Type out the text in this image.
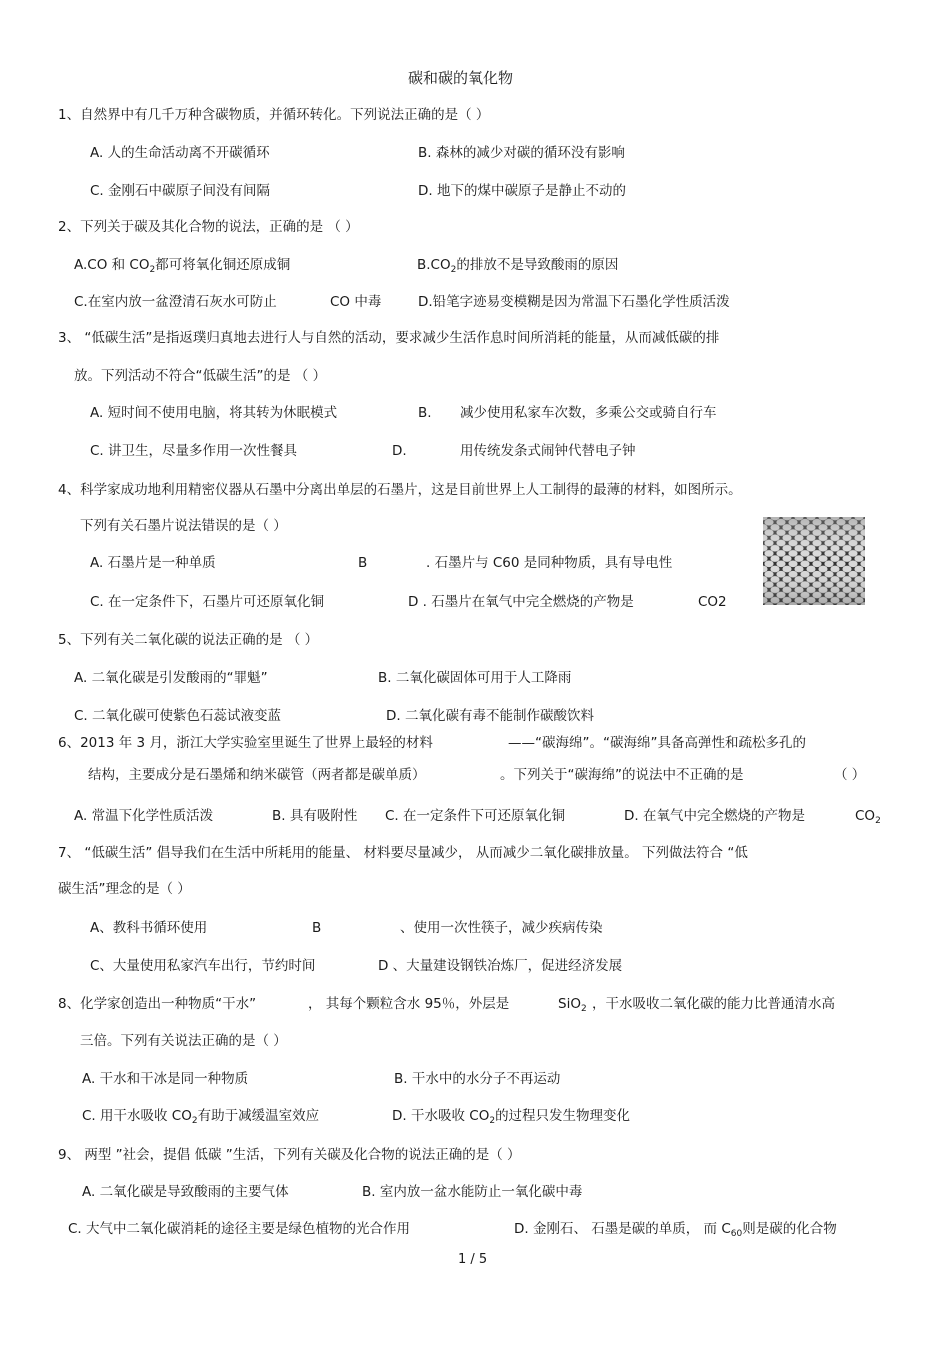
碳和碳的氧化物
1、自然界中有几千万种含碳物质，并循环转化。下列说法正确的是（ ）
A. 人的生命活动离不开碳循环	B. 森林的减少对碳的循环没有影响
C. 金刚石中碳原子间没有间隔	D. 地下的煤中碳原子是静止不动的
2、下列关于碳及其化合物的说法，正确的是 （ ）
A.CO 和 $CO_2$都可将氧化铜还原成铜	$B.CO_2$的排放不是导致酸雨的原因
C.在室内放一盆澄清石灰水可防止	CO 中毒	D.铅笔字迹易变模糊是因为常温下石墨化学性质活泼
3、 “低碳生活”是指返璞归真地去进行人与自然的活动，要求减少生活作息时间所消耗的能量，从而减低碳的排
放。下列活动不符合“低碳生活”的是 （ ）
A. 短时间不使用电脑，将其转为休眠模式	B. 减少使用私家车次数，多乘公交或骑自行车
C. 讲卫生，尽量多作用一次性餐具	D.	用传统发条式闹钟代替电子钟
4、科学家成功地利用精密仪器从石墨中分离出单层的石墨片，这是目前世界上人工制得的最薄的材料，如图所示。
下列有关石墨片说法错误的是（ ）
A. 石墨片是一种单质	B	. 石墨片与 C60 是同种物质，具有导电性
C. 在一定条件下，石墨片可还原氧化铜	D . 石墨片在氧气中完全燃烧的产物是	CO2
5、下列有关二氧化碳的说法正确的是 （ ）
A. 二氧化碳是引发酸雨的“罪魁”	B. 二氧化碳固体可用于人工降雨
C. 二氧化碳可使紫色石蕊试液变蓝	D. 二氧化碳有毒不能制作碳酸饮料
6、2013 年 3 月，浙江大学实验室里诞生了世界上最轻的材料	——“碳海绵”。“碳海绵”具备高弹性和疏松多孔的
结构，主要成分是石墨烯和纳米碳管（两者都是碳单质）	。下列关于“碳海绵”的说法中不正确的是	（ ）
A. 常温下化学性质活泼	B. 具有吸附性 C. 在一定条件下可还原氧化铜	D. 在氧气中完全燃烧的产物是	$CO_2$
7、 “低碳生活” 倡导我们在生活中所耗用的能量、 材料要尽量减少， 从而减少二氧化碳排放量。 下列做法符合 “低
碳生活”理念的是（ ）
A、教科书循环使用	B	、使用一次性筷子，减少疾病传染
C、大量使用私家汽车出行，节约时间	D 、大量建设钢铁冶炼厂，促进经济发展
8、化学家创造出一种物质“干水”	， 其每个颗粒含水 95％，外层是	SiO$_2$ ，干水吸收二氧化碳的能力比普通清水高
三倍。下列有关说法正确的是（ ）
A. 干水和干冰是同一种物质	B. 干水中的水分子不再运动
C. 用干水吸收 $CO_2$有助于减缓温室效应	D. 干水吸收 $CO_2$的过程只发生物理变化
9、 两型 ”社会，提倡 低碳 ”生活，下列有关碳及化合物的说法正确的是（ ）
A. 二氧化碳是导致酸雨的主要气体	B. 室内放一盆水能防止一氧化碳中毒
C. 大气中二氧化碳消耗的途径主要是绿色植物的光合作用	D. 金刚石、 石墨是碳的单质， 而 $C_{60}$则是碳的化合物
1 / 5
